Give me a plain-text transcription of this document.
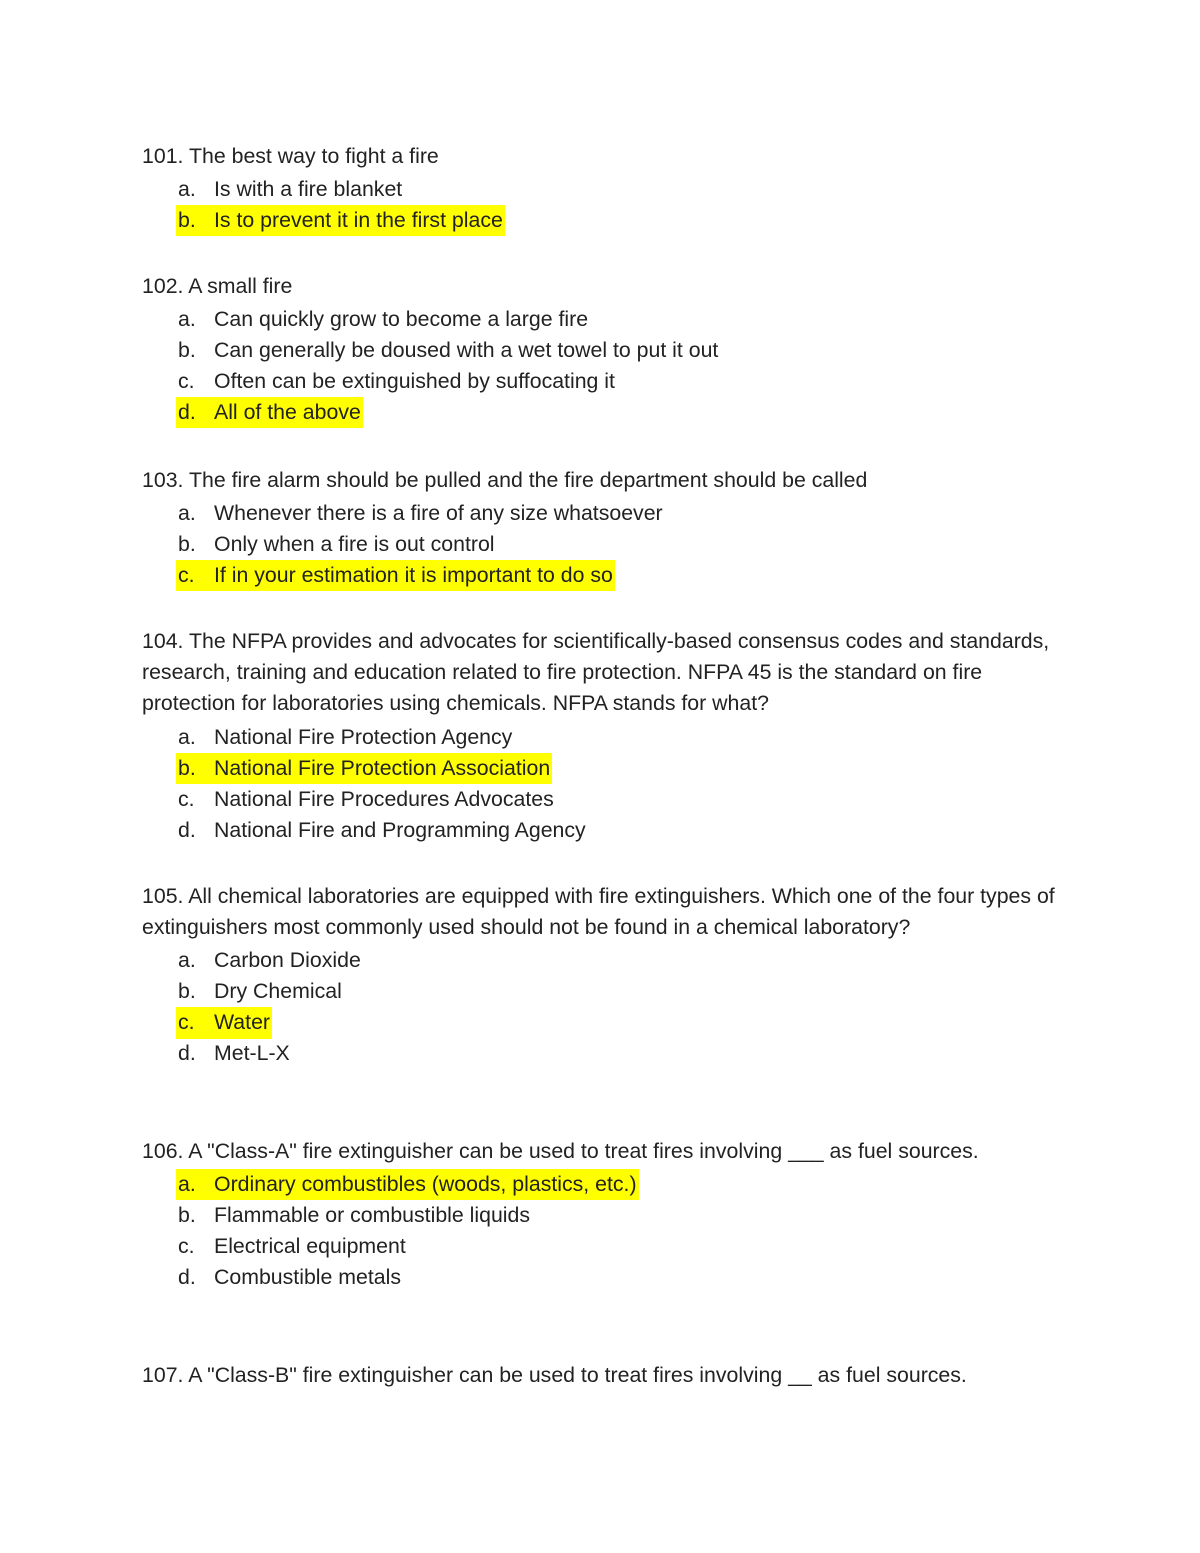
101. The best way to fight a fire

a. Is with a fire blanket
b. Is to prevent it in the first place

102. A small fire

a. Can quickly grow to become a large fire
b. Can generally be doused with a wet towel to put it out
c. Often can be extinguished by suffocating it
d. All of the above

103. The fire alarm should be pulled and the fire department should be called

a. Whenever there is a fire of any size whatsoever
b. Only when a fire is out control
c. If in your estimation it is important to do so

104. The NFPA provides and advocates for scientifically-based consensus codes and standards, research, training and education related to fire protection. NFPA 45 is the standard on fire protection for laboratories using chemicals. NFPA stands for what?

a. National Fire Protection Agency
b. National Fire Protection Association
c. National Fire Procedures Advocates
d. National Fire and Programming Agency

105. All chemical laboratories are equipped with fire extinguishers. Which one of the four types of extinguishers most commonly used should not be found in a chemical laboratory?

a. Carbon Dioxide
b. Dry Chemical
c. Water
d. Met-L-X

106. A "Class-A" fire extinguisher can be used to treat fires involving ___ as fuel sources.

a. Ordinary combustibles (woods, plastics, etc.)
b. Flammable or combustible liquids
c. Electrical equipment
d. Combustible metals

107. A "Class-B" fire extinguisher can be used to treat fires involving __ as fuel sources.
